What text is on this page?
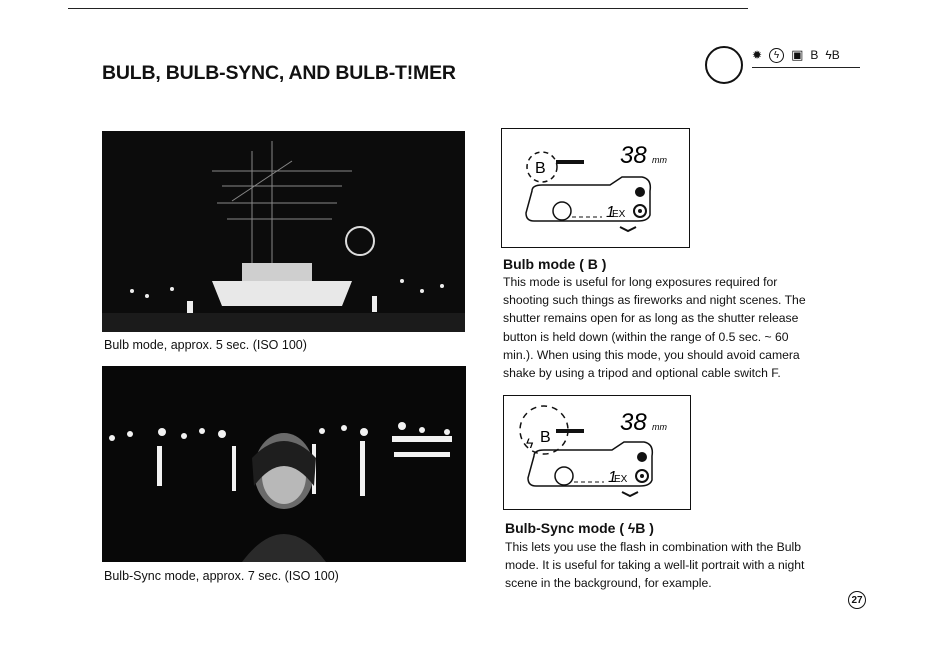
BULB, BULB-SYNC, AND BULB-T!MER
✹	ϟ ▣ B ϟB

Bulb mode, approx. 5 sec. (ISO 100)

Bulb-Sync mode, approx. 7 sec. (ISO 100)

B	38 mm
1
EX
Bulb mode ( B )
This mode is useful for long exposures required for
shooting such things as fireworks and night scenes. The
shutter remains open for as long as the shutter release
button is held down (within the range of 0.5 sec. ~ 60
min.). When using this mode, you should avoid camera
shake by using a tripod and optional cable switch F.
ϟ B
38 mm
1
EX
Bulb-Sync mode ( ϟB )
This lets you use the flash in combination with the Bulb
mode. It is useful for taking a well-lit portrait with a night
scene in the background, for example.
27
